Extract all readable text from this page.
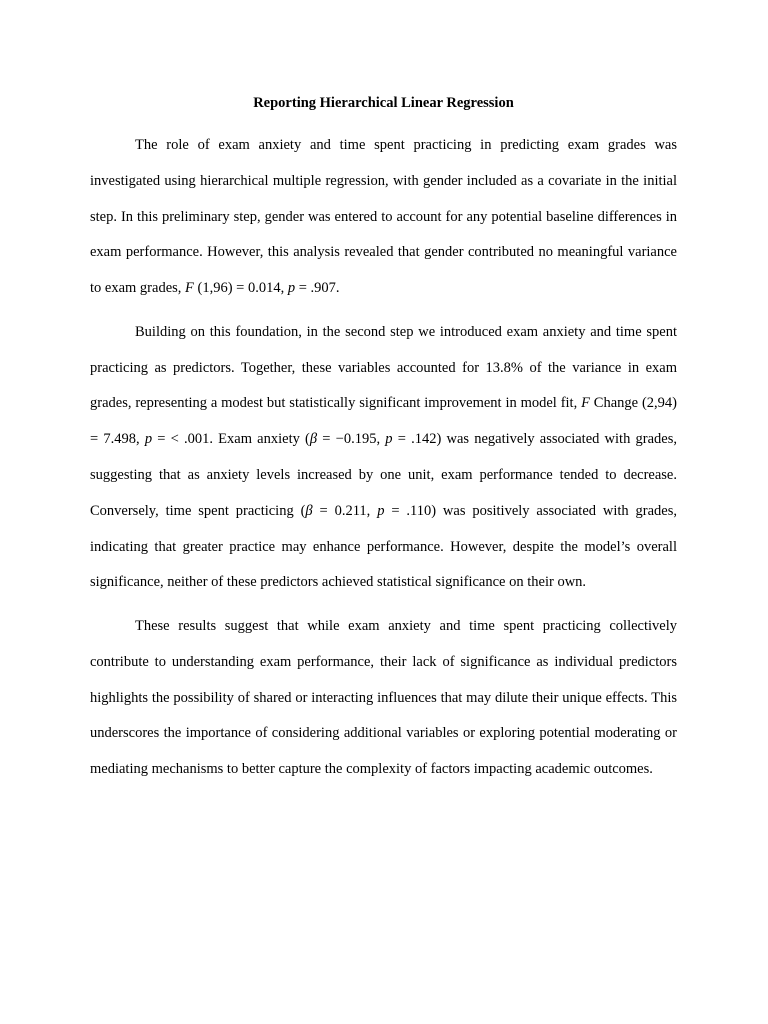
Reporting Hierarchical Linear Regression

The role of exam anxiety and time spent practicing in predicting exam grades was investigated using hierarchical multiple regression, with gender included as a covariate in the initial step. In this preliminary step, gender was entered to account for any potential baseline differences in exam performance. However, this analysis revealed that gender contributed no meaningful variance to exam grades, F (1,96) = 0.014, p = .907.

Building on this foundation, in the second step we introduced exam anxiety and time spent practicing as predictors. Together, these variables accounted for 13.8% of the variance in exam grades, representing a modest but statistically significant improvement in model fit, F Change (2,94) = 7.498, p = < .001. Exam anxiety (β = −0.195, p = .142) was negatively associated with grades, suggesting that as anxiety levels increased by one unit, exam performance tended to decrease. Conversely, time spent practicing (β = 0.211, p = .110) was positively associated with grades, indicating that greater practice may enhance performance. However, despite the model’s overall significance, neither of these predictors achieved statistical significance on their own.

These results suggest that while exam anxiety and time spent practicing collectively contribute to understanding exam performance, their lack of significance as individual predictors highlights the possibility of shared or interacting influences that may dilute their unique effects. This underscores the importance of considering additional variables or exploring potential moderating or mediating mechanisms to better capture the complexity of factors impacting academic outcomes.
